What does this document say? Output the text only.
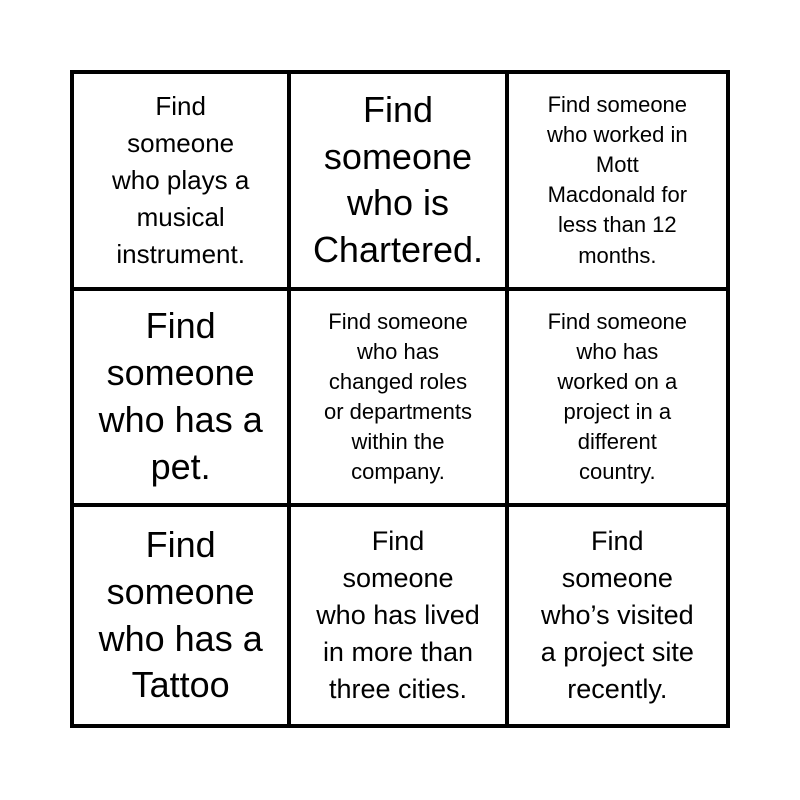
Find
someone
who plays a
musical
instrument.
Find
someone
who is
Chartered.
Find someone
who worked in
Mott
Macdonald for
less than 12
months.
Find
someone
who has a
pet.
Find someone
who has
changed roles
or departments
within the
company.
Find someone
who has
worked on a
project in a
different
country.
Find
someone
who has a
Tattoo
Find
someone
who has lived
in more than
three cities.
Find
someone
who’s visited
a project site
recently.
